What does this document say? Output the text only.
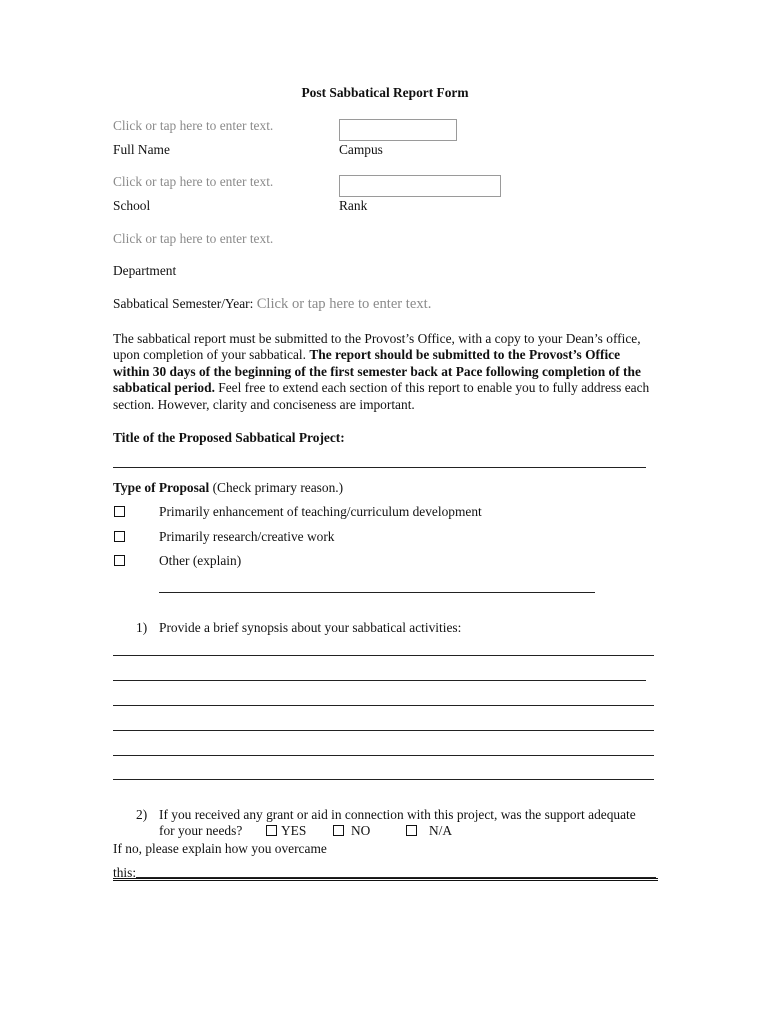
Post Sabbatical Report Form
Click or tap here to enter text.
Full Name	Campus
Click or tap here to enter text.
School	Rank
Click or tap here to enter text.
Department
Sabbatical Semester/Year: Click or tap here to enter text.
The sabbatical report must be submitted to the Provost’s Office, with a copy to your Dean’s office, upon completion of your sabbatical. The report should be submitted to the Provost’s Office within 30 days of the beginning of the first semester back at Pace following completion of the sabbatical period. Feel free to extend each section of this report to enable you to fully address each section. However, clarity and conciseness are important.
Title of the Proposed Sabbatical Project:
Type of Proposal (Check primary reason.)
Primarily enhancement of teaching/curriculum development
Primarily research/creative work
Other (explain)
1) Provide a brief synopsis about your sabbatical activities:
2) If you received any grant or aid in connection with this project, was the support adequate
for your needs?	YES	NO	N/A
If no, please explain how you overcame
this:
